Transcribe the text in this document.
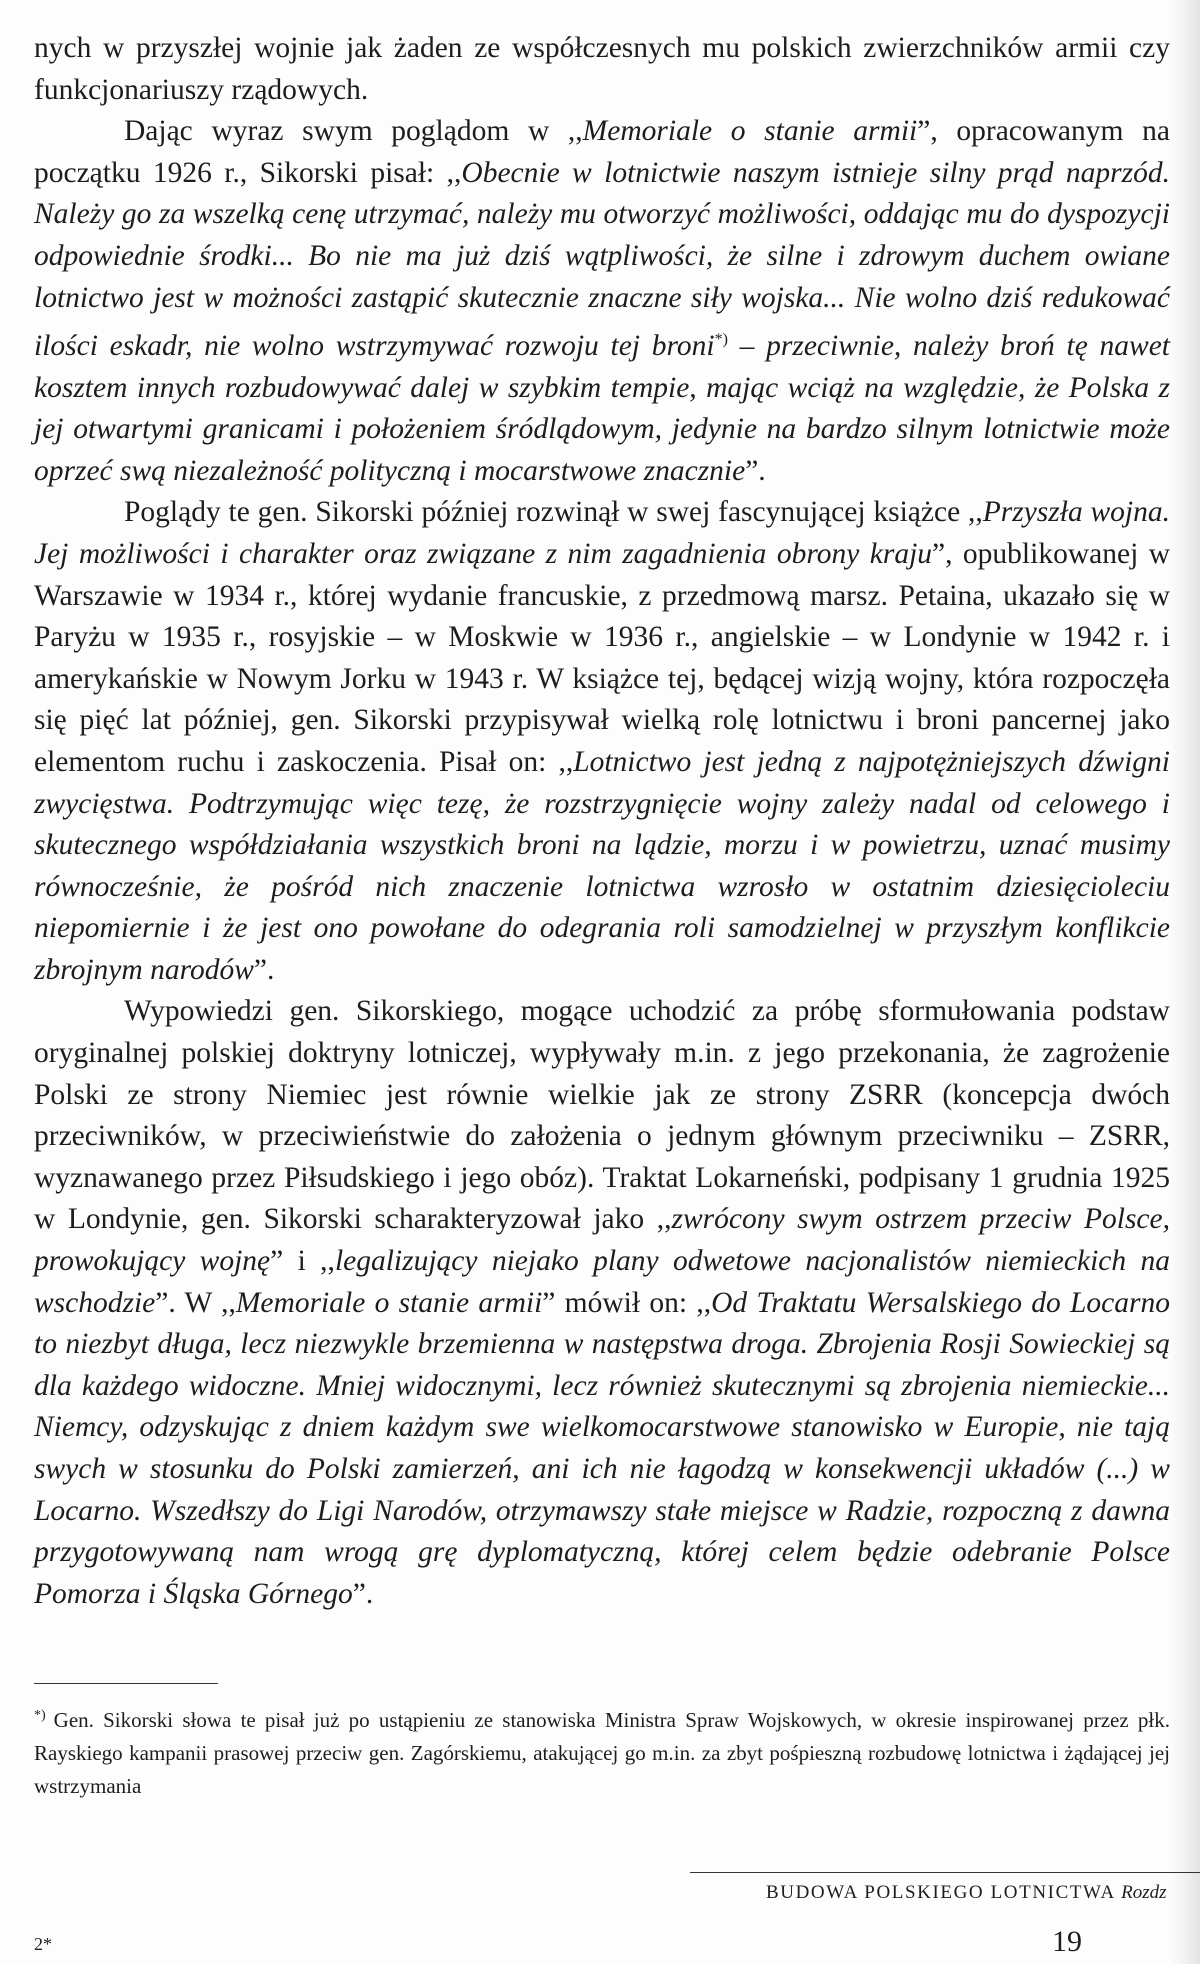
nych w przyszłej wojnie jak żaden ze współczesnych mu polskich zwierzchników armii czy funkcjonariuszy rządowych.

Dając wyraz swym poglądom w ,,Memoriale o stanie armii”, opracowanym na początku 1926 r., Sikorski pisał: ,,Obecnie w lotnictwie naszym istnieje silny prąd naprzód. Należy go za wszelką cenę utrzymać, należy mu otworzyć możliwości, oddając mu do dyspozycji odpowiednie środki... Bo nie ma już dziś wątpliwości, że silne i zdrowym duchem owiane lotnictwo jest w możności zastąpić skutecznie znaczne siły wojska... Nie wolno dziś redukować ilości eskadr, nie wolno wstrzymywać rozwoju tej broni*) – przeciwnie, należy broń tę nawet kosztem innych rozbudowywać dalej w szybkim tempie, mając wciąż na względzie, że Polska z jej otwartymi granicami i położeniem śródlądowym, jedynie na bardzo silnym lotnictwie może oprzeć swą niezależność polityczną i mocarstwowe znacznie”.

Poglądy te gen. Sikorski później rozwinął w swej fascynującej książce ,,Przyszła wojna. Jej możliwości i charakter oraz związane z nim zagadnienia obrony kraju”, opublikowanej w Warszawie w 1934 r., której wydanie francuskie, z przedmową marsz. Petaina, ukazało się w Paryżu w 1935 r., rosyjskie – w Moskwie w 1936 r., angielskie – w Londynie w 1942 r. i amerykańskie w Nowym Jorku w 1943 r. W książce tej, będącej wizją wojny, która rozpoczęła się pięć lat później, gen. Sikorski przypisywał wielką rolę lotnictwu i broni pancernej jako elementom ruchu i zaskoczenia. Pisał on: ,,Lotnictwo jest jedną z najpotężniejszych dźwigni zwycięstwa. Podtrzymując więc tezę, że rozstrzygnięcie wojny zależy nadal od celowego i skutecznego współdziałania wszystkich broni na lądzie, morzu i w powietrzu, uznać musimy równocześnie, że pośród nich znaczenie lotnictwa wzrosło w ostatnim dziesięcioleciu niepomiernie i że jest ono powołane do odegrania roli samodzielnej w przyszłym konflikcie zbrojnym narodów”.

Wypowiedzi gen. Sikorskiego, mogące uchodzić za próbę sformułowania podstaw oryginalnej polskiej doktryny lotniczej, wypływały m.in. z jego przekonania, że zagrożenie Polski ze strony Niemiec jest równie wielkie jak ze strony ZSRR (koncepcja dwóch przeciwników, w przeciwieństwie do założenia o jednym głównym przeciwniku – ZSRR, wyznawanego przez Piłsudskiego i jego obóz). Traktat Lokarneński, podpisany 1 grudnia 1925 w Londynie, gen. Sikorski scharakteryzował jako ,,zwrócony swym ostrzem przeciw Polsce, prowokujący wojnę” i ,,legalizujący niejako plany odwetowe nacjonalistów niemieckich na wschodzie”. W ,,Memoriale o stanie armii” mówił on: ,,Od Traktatu Wersalskiego do Locarno to niezbyt długa, lecz niezwykle brzemienna w następstwa droga. Zbrojenia Rosji Sowieckiej są dla każdego widoczne. Mniej widocznymi, lecz również skutecznymi są zbrojenia niemieckie... Niemcy, odzyskując z dniem każdym swe wielkomocarstwowe stanowisko w Europie, nie tają swych w stosunku do Polski zamierzeń, ani ich nie łagodzą w konsekwencji układów (...) w Locarno. Wszedłszy do Ligi Narodów, otrzymawszy stałe miejsce w Radzie, rozpoczną z dawna przygotowywaną nam wrogą grę dyplomatyczną, której celem będzie odebranie Polsce Pomorza i Śląska Górnego”.

*) Gen. Sikorski słowa te pisał już po ustąpieniu ze stanowiska Ministra Spraw Wojskowych, w okresie inspirowanej przez płk. Rayskiego kampanii prasowej przeciw gen. Zagórskiemu, atakującej go m.in. za zbyt pośpieszną rozbudowę lotnictwa i żądającej jej wstrzymania
BUDOWA POLSKIEGO LOTNICTWA Rozdz
2*	19
